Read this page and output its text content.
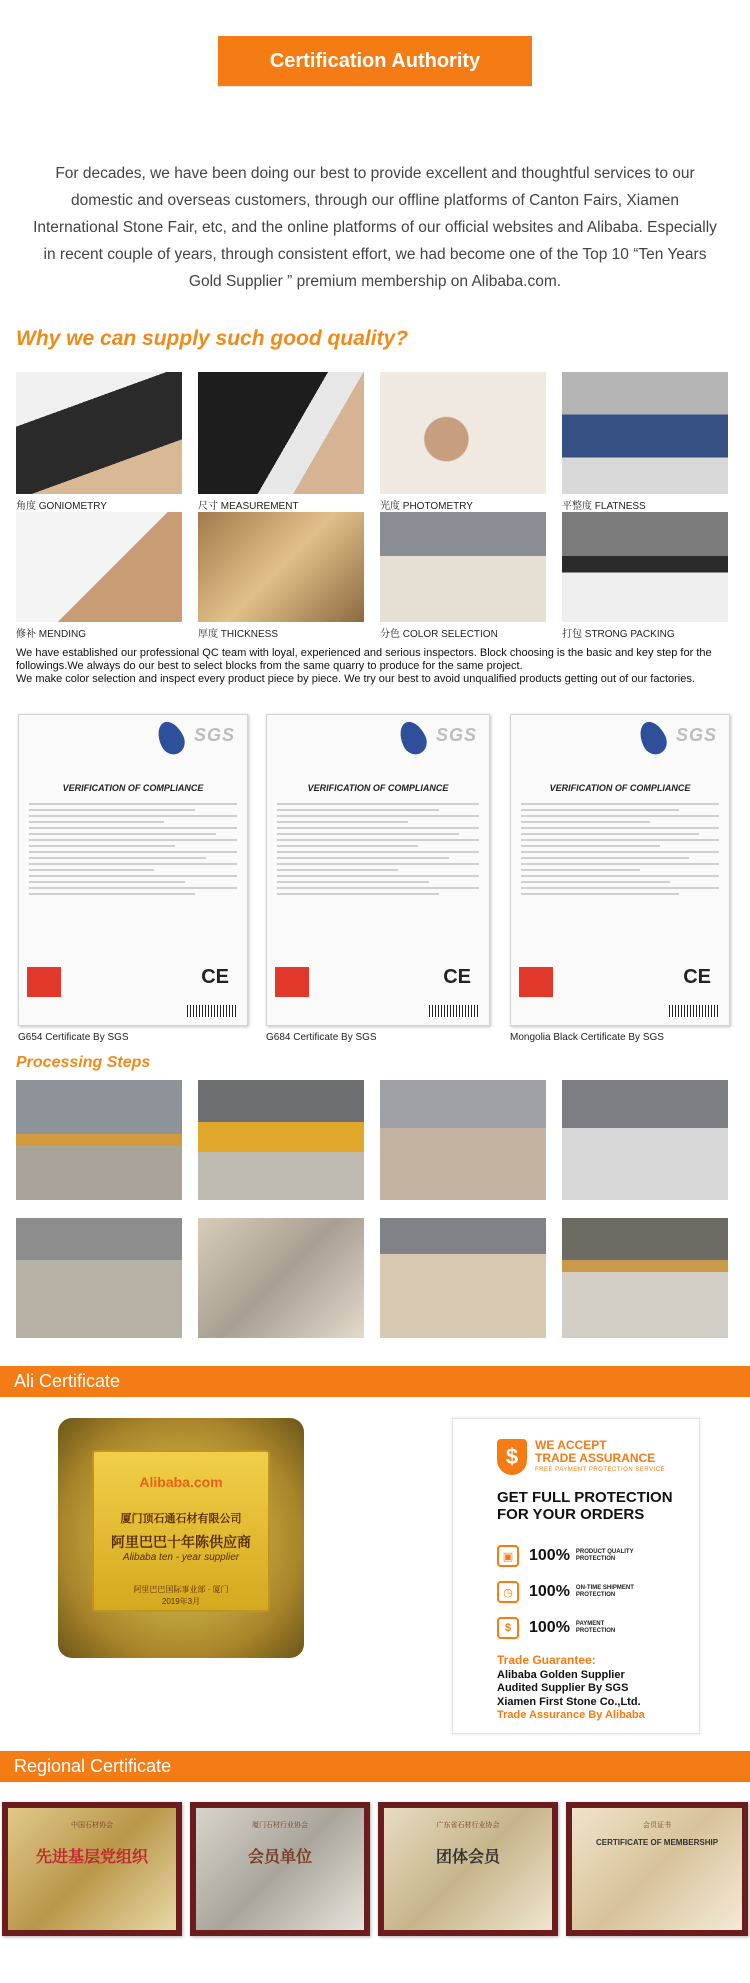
Certification Authority
For decades, we have been doing our best to provide excellent and thoughtful services to our domestic and overseas customers, through our offline platforms of Canton Fairs, Xiamen International Stone Fair, etc, and the online platforms of our official websites and Alibaba. Especially in recent couple of years, through consistent effort, we had become one of the Top 10 “Ten Years Gold Supplier ” premium membership on Alibaba.com.
Why we can supply such good quality?
角度 GONIOMETRY	尺寸 MEASUREMENT	光度 PHOTOMETRY	平整度 FLATNESS
修补 MENDING	厚度 THICKNESS	分色 COLOR SELECTION	打包 STRONG PACKING
We have established our professional QC team with loyal, experienced and serious inspectors. Block choosing is the basic and key step for the followings.We always do our best to select blocks from the same quarry to produce for the same project.
We make color selection and inspect every product piece by piece. We try our best to avoid unqualified products getting out of our factories.
SGS
VERIFICATION OF COMPLIANCE
CE
SGS
VERIFICATION OF COMPLIANCE
CE
SGS
VERIFICATION OF COMPLIANCE
CE
G654 Certificate By SGS	G684 Certificate By SGS	Mongolia Black Certificate By SGS
Processing Steps
Ali Certificate
Alibaba.com
厦门顶石通石材有限公司
阿里巴巴十年陈供应商
Alibaba ten - year supplier
阿里巴巴国际事业部 · 厦门
2019年3月
$	WE ACCEPT
TRADE ASSURANCE
FREE PAYMENT PROTECTION SERVICE
GET FULL PROTECTION
FOR YOUR ORDERS
▣ 100% PRODUCT QUALITY
PROTECTION
◷	100% ON-TIME SHIPMENT
PROTECTION
$	100% PAYMENT
PROTECTION
Trade Guarantee:
Alibaba Golden Supplier
Audited Supplier By SGS
Xiamen First Stone Co.,Ltd.
Trade Assurance By Alibaba
Regional Certificate
中国石材协会
先进基层党组织
厦门石材行业协会
会员单位
广东省石材行业协会
团体会员
会员证书
CERTIFICATE OF MEMBERSHIP
